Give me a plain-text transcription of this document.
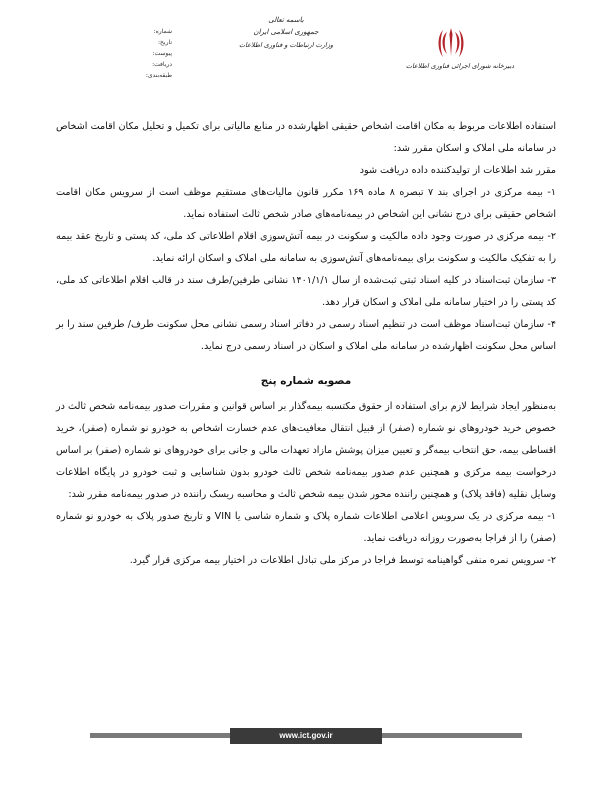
شماره:
تاریخ:
پیوست:
دریافت:
طبقه‌بندی:
باسمه تعالی
جمهوری اسلامی ایران
وزارت ارتباطات و فناوری اطلاعات
دبیرخانه شورای اجرائی فناوری اطلاعات

استفاده اطلاعات مربوط به مکان اقامت اشخاص حقیقی اظهارشده در منابع مالیاتی برای تکمیل و تحلیل مکان اقامت اشخاص در سامانه ملی املاک و اسکان مقرر شد:

مقرر شد اطلاعات از تولیدکننده داده دریافت شود

۱- بیمه مرکزی در اجرای بند ۷ تبصره ۸ ماده ۱۶۹ مکرر قانون مالیات‌های مستقیم موظف است از سرویس مکان اقامت اشخاص حقیقی برای درج نشانی این اشخاص در بیمه‌نامه‌های صادر شخص ثالث استفاده نماید.

۲- بیمه مرکزی در صورت وجود داده مالکیت و سکونت در بیمه آتش‌سوزی اقلام اطلاعاتی کد ملی، کد پستی و تاریخ عقد بیمه را به تفکیک مالکیت و سکونت برای بیمه‌نامه‌های آتش‌سوزی به سامانه ملی املاک و اسکان ارائه نماید.

۳- سازمان ثبت‌اسناد در کلیه اسناد ثبتی ثبت‌شده از سال ۱۴۰۱/۱/۱ نشانی طرفین/طرف سند در قالب اقلام اطلاعاتی کد ملی، کد پستی را در اختیار سامانه ملی املاک و اسکان قرار دهد.

۴- سازمان ثبت‌اسناد موظف است در تنظیم اسناد رسمی در دفاتر اسناد رسمی نشانی محل سکونت طرف/ طرفین سند را بر اساس محل سکونت اظهارشده در سامانه ملی املاک و اسکان در اسناد رسمی درج نماید.

مصوبه شماره پنج

به‌منظور ایجاد شرایط لازم برای استفاده از حقوق مکتسبه بیمه‌گذار بر اساس قوانین و مقررات صدور بیمه‌نامه شخص ثالث در خصوص خرید خودروهای نو شماره (صفر) از قبیل انتقال معافیت‌های عدم خسارت اشخاص به خودرو نو شماره (صفر)، خرید اقساطی بیمه، حق انتخاب بیمه‌گر و تعیین میزان پوشش مازاد تعهدات مالی و جانی برای خودروهای نو شماره (صفر) بر اساس درخواست بیمه مرکزی و همچنین عدم صدور بیمه‌نامه شخص ثالث خودرو بدون شناسایی و ثبت خودرو در پایگاه اطلاعات وسایل نقلیه (فاقد پلاک) و همچنین راننده محور شدن بیمه شخص ثالث و محاسبه ریسک راننده در صدور بیمه‌نامه مقرر شد:

۱- بیمه مرکزی در یک سرویس اعلامی اطلاعات شماره پلاک و شماره شاسی یا VIN و تاریخ صدور پلاک به خودرو نو شماره (صفر) را از فراجا به‌صورت روزانه دریافت نماید.

۲- سرویس نمره منفی گواهینامه توسط فراجا در مرکز ملی تبادل اطلاعات در اختیار بیمه مرکزی قرار گیرد.

www.ict.gov.ir
